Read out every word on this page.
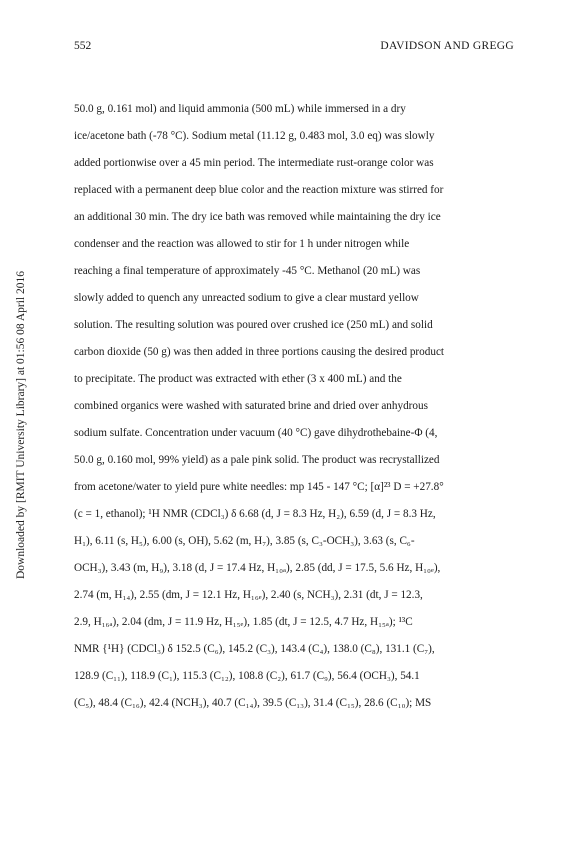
552	DAVIDSON AND GREGG
Downloaded by [RMIT University Library] at 01:56 08 April 2016
50.0 g, 0.161 mol) and liquid ammonia (500 mL) while immersed in a dry
ice/acetone bath (-78 °C). Sodium metal (11.12 g, 0.483 mol, 3.0 eq) was slowly
added portionwise over a 45 min period. The intermediate rust-orange color was
replaced with a permanent deep blue color and the reaction mixture was stirred for
an additional 30 min. The dry ice bath was removed while maintaining the dry ice
condenser and the reaction was allowed to stir for 1 h under nitrogen while
reaching a final temperature of approximately -45 °C. Methanol (20 mL) was
slowly added to quench any unreacted sodium to give a clear mustard yellow
solution. The resulting solution was poured over crushed ice (250 mL) and solid
carbon dioxide (50 g) was then added in three portions causing the desired product
to precipitate. The product was extracted with ether (3 x 400 mL) and the
combined organics were washed with saturated brine and dried over anhydrous
sodium sulfate. Concentration under vacuum (40 °C) gave dihydrothebaine-Φ (4,
50.0 g, 0.160 mol, 99% yield) as a pale pink solid. The product was recrystallized
from acetone/water to yield pure white needles: mp 145 - 147 °C; [α]²³ D = +27.8°
(c = 1, ethanol); ¹H NMR (CDCl₃) δ 6.68 (d, J = 8.3 Hz, H₂), 6.59 (d, J = 8.3 Hz,
H₁), 6.11 (s, H₅), 6.00 (s, OH), 5.62 (m, H₇), 3.85 (s, C₃-OCH₃), 3.63 (s, C₆-
OCH₃), 3.43 (m, H₉), 3.18 (d, J = 17.4 Hz, H₁₀ₐ), 2.85 (dd, J = 17.5, 5.6 Hz, H₁₀ₑ),
2.74 (m, H₁₄), 2.55 (dm, J = 12.1 Hz, H₁₆ₑ), 2.40 (s, NCH₃), 2.31 (dt, J = 12.3,
2.9, H₁₆ₐ), 2.04 (dm, J = 11.9 Hz, H₁₅ₑ), 1.85 (dt, J = 12.5, 4.7 Hz, H₁₅ₐ); ¹³C
NMR {¹H} (CDCl₃) δ 152.5 (C₆), 145.2 (C₃), 143.4 (C₄), 138.0 (C₈), 131.1 (C₇),
128.9 (C₁₁), 118.9 (C₁), 115.3 (C₁₂), 108.8 (C₂), 61.7 (C₉), 56.4 (OCH₃), 54.1
(C₅), 48.4 (C₁₆), 42.4 (NCH₃), 40.7 (C₁₄), 39.5 (C₁₃), 31.4 (C₁₅), 28.6 (C₁₀); MS
